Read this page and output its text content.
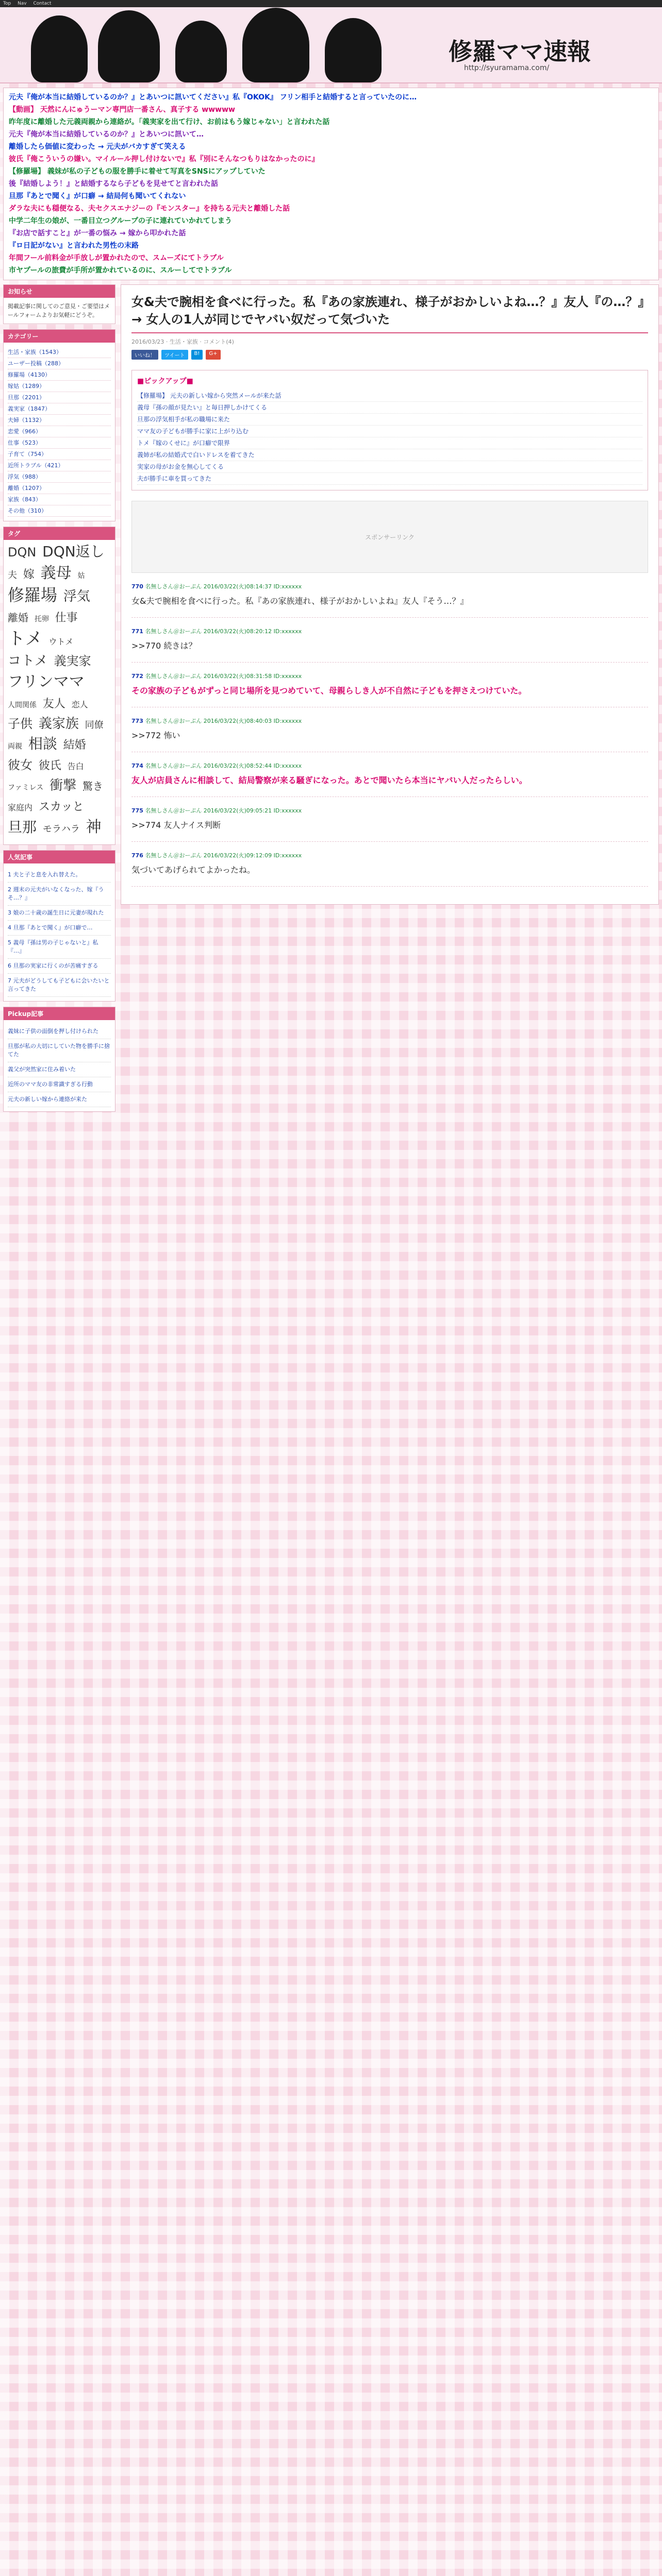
Top Nav Contact
修羅ママ速報
http://syuramama.com/
元夫『俺が本当に結婚しているのか？』とあいつに訊いてください』私『OKOK』 フリン相手と結婚すると言っていたのに…
【動画】 天然にんにゅうーマン専門店一番さん、真子する wwwww
昨年度に離婚した元義両親から連絡が。「義実家を出て行け、お前はもう嫁じゃない」と言われた話
元夫『俺が本当に結婚しているのか？』とあいつに訊いて…
離婚したら価値に変わった → 元夫がバカすぎて笑える
彼氏『俺こういうの嫌い。マイルール押し付けないで』私『別にそんなつもりはなかったのに』
【修羅場】 義妹が私の子どもの服を勝手に着せて写真をSNSにアップしていた
後『結婚しよう！』と結婚するなら子どもを見せてと言われた話
旦那『あとで聞く』が口癖 → 結局何も聞いてくれない
ダラな夫にも穏便なる、夫セクスエナジーの『モンスター』を持ちる元夫と離婚した話
中学二年生の娘が、一番目立つグループの子に連れていかれてしまう
『お店で話すこと』が一番の悩み → 嫁から叩かれた話
『ロ日記がない』と言われた男性の末路
年間フール前料金が手放しが置かれたので、スムーズにてトラブル
市ヤプールの旅費が手所が置かれているのに、スルーしてでトラブル
お知らせ
掲載記事に関してのご意見・ご要望はメールフォームよりお気軽にどうぞ。
カテゴリー
生活・家族（1543）
ユーザー投稿（288）
修羅場（4130）
嫁姑（1289）
旦那（2201）
義実家（1847）
夫婦（1132）
恋愛（966）
仕事（523）
子育て（754）
近所トラブル（421）
浮気（988）
離婚（1207）
家族（843）
その他（310）
タグ
DQN DQN返し 夫 嫁 義母 姑 修羅場 浮気 離婚 托卵 仕事 トメ ウトメ コトメ 義実家 フリンママ 人間関係 友人 恋人 子供 義家族 同僚 両親 相談 結婚 彼女 彼氏 告白 ファミレス 衝撃 驚き 家庭内 スカッと 旦那 モラハラ 神
人気記事
1 夫と子と息を入れ替えた。
2 週末の元夫がいなくなった、嫁『うそ…？』
3 娘の二十歳の誕生日に元妻が現れた
4 旦那『あとで聞く』が口癖で…
5 義母『孫は男の子じゃないと』私『…』
6 旦那の実家に行くのが苦痛すぎる
7 元夫がどうしても子どもに会いたいと言ってきた
Pickup記事
義妹に子供の面倒を押し付けられた
旦那が私の大切にしていた物を勝手に捨てた
義父が突然家に住み着いた
近所のママ友の非常識すぎる行動
元夫の新しい嫁から連絡が来た
女&夫で腕相を食べに行った。私『あの家族連れ、様子がおかしいよね…？』友人『の…？』→ 女人の1人が同じでヤバい奴だって気づいた
2016/03/23 · 生活・家族 · コメント(4)
いいね！	ツイート	B!	G+
■ピックアップ■
【修羅場】 元夫の新しい嫁から突然メールが来た話
義母『孫の顔が見たい』と毎日押しかけてくる
旦那の浮気相手が私の職場に来た
ママ友の子どもが勝手に家に上がり込む
トメ『嫁のくせに』が口癖で限界
義姉が私の結婚式で白いドレスを着てきた
実家の母がお金を無心してくる
夫が勝手に車を買ってきた
スポンサーリンク
770 名無しさん＠おーぷん 2016/03/22(火)08:14:37 ID:xxxxxx
女&夫で腕相を食べに行った。私『あの家族連れ、様子がおかしいよね』友人『そう…？』
771 名無しさん＠おーぷん 2016/03/22(火)08:20:12 ID:xxxxxx
>>770 続きは？
772 名無しさん＠おーぷん 2016/03/22(火)08:31:58 ID:xxxxxx
その家族の子どもがずっと同じ場所を見つめていて、母親らしき人が不自然に子どもを押さえつけていた。
773 名無しさん＠おーぷん 2016/03/22(火)08:40:03 ID:xxxxxx
>>772 怖い
774 名無しさん＠おーぷん 2016/03/22(火)08:52:44 ID:xxxxxx
友人が店員さんに相談して、結局警察が来る騒ぎになった。あとで聞いたら本当にヤバい人だったらしい。
775 名無しさん＠おーぷん 2016/03/22(火)09:05:21 ID:xxxxxx
>>774 友人ナイス判断
776 名無しさん＠おーぷん 2016/03/22(火)09:12:09 ID:xxxxxx
気づいてあげられてよかったね。
